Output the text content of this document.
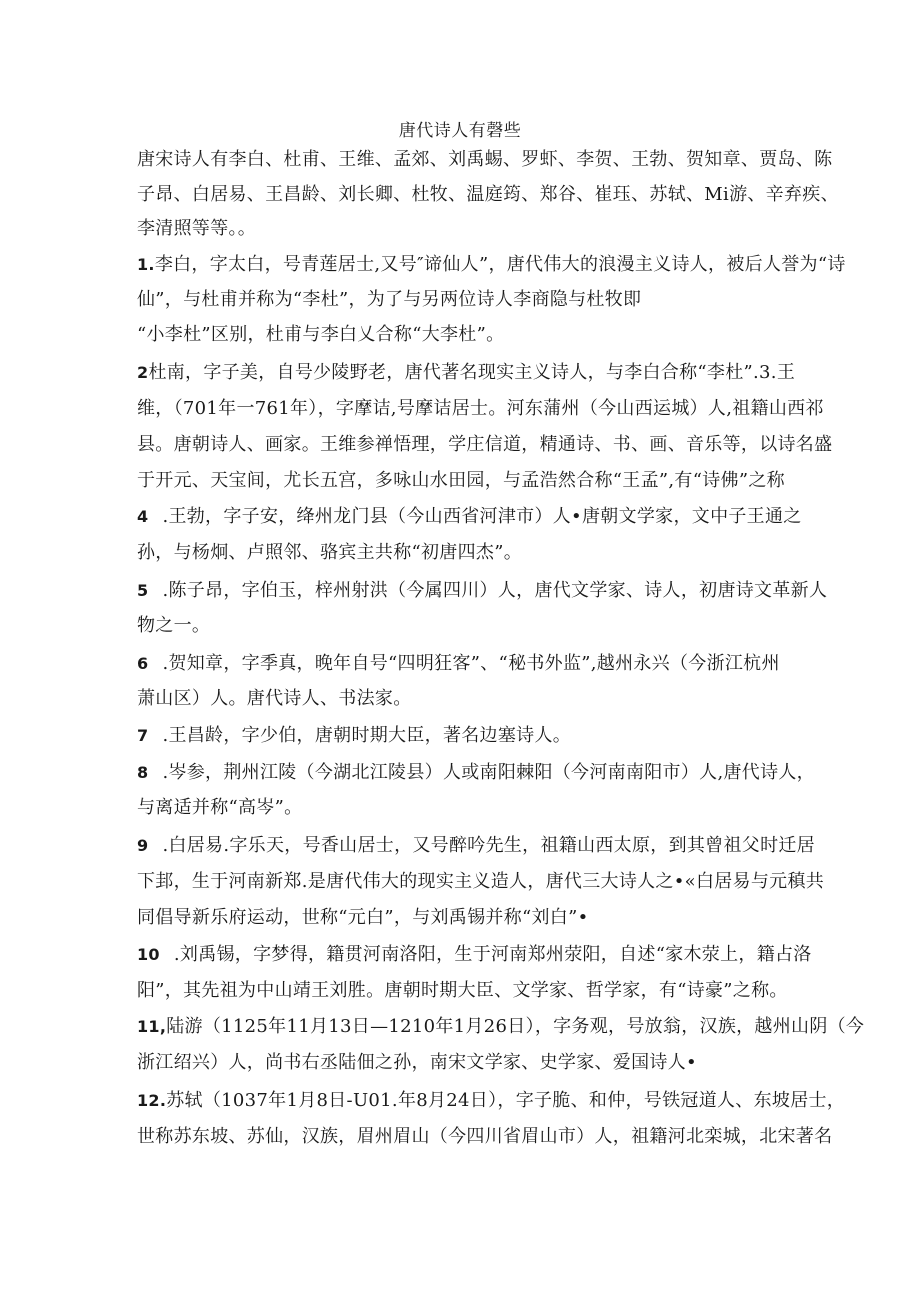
唐代诗人有磬些
唐宋诗人有李白、杜甫、王维、孟郊、刘禹蜴、罗虾、李贺、王勃、贺知章、贾岛、陈
子昂、白居易、王昌龄、刘长卿、杜牧、温庭筠、郑谷、崔珏、苏轼、Mi游、辛弃疾、
李清照等等。。
1.李白，字太白，号青莲居士,又号″谛仙人”，唐代伟大的浪漫主义诗人，被后人誉为“诗
仙”，与杜甫并称为“李杜”，为了与另两位诗人李商隐与杜牧即
“小李杜”区别，杜甫与李白乂合称“大李杜”。
2杜南，字子美，自号少陵野老，唐代著名现实主义诗人，与李白合称“李杜”.3.王
维，（701年一761年），字摩诘,号摩诘居士。河东蒲州（今山西运城）人,祖籍山西祁
县。唐朝诗人、画家。王维参禅悟理，学庄信道，精通诗、书、画、音乐等，以诗名盛
于开元、天宝间，尤长五宫，多咏山水田园，与孟浩然合称“王孟”,有“诗佛”之称
4 .王勃，字子安，绛州龙门县（今山西省河津市）人•唐朝文学家，文中子王通之
孙，与杨炯、卢照邻、骆宾主共称“初唐四杰”。
5 .陈子昂，字伯玉，梓州射洪（今属四川）人，唐代文学家、诗人，初唐诗文革新人
物之一。
6 .贺知章，字季真，晚年自号“四明狂客”、“秘书外监”,越州永兴（今浙江杭州
萧山区）人。唐代诗人、书法家。
7 .王昌龄，字少伯，唐朝时期大臣，著名边塞诗人。
8 .岑参，荆州江陵（今湖北江陵县）人或南阳棘阳（今河南南阳市）人,唐代诗人，
与离适并称“高岑”。
9 .白居易.字乐天，号香山居士，又号醉吟先生，祖籍山西太原，到其曾祖父时迁居
下邽，生于河南新郑.是唐代伟大的现实主义造人，唐代三大诗人之•«白居易与元稹共
同倡导新乐府运动，世称“元白”，与刘禹锡并称“刘白”•
10 .刘禹锡，字梦得，籍贯河南洛阳，生于河南郑州荥阳，自述“家木荥上，籍占洛
阳”，其先祖为中山靖王刘胜。唐朝时期大臣、文学家、哲学家，有“诗豪”之称。
11,陆游（1125年11月13日—1210年1月26日），字务观，号放翁，汉族，越州山阴（今
浙江绍兴）人，尚书右丞陆佃之孙，南宋文学家、史学家、爱国诗人•
12.苏轼（1037年1月8日-U01.年8月24日），字子脆、和仲，号铁冠道人、东坡居士，
世称苏东坡、苏仙，汉族，眉州眉山（今四川省眉山市）人，祖籍河北栾城，北宋著名
